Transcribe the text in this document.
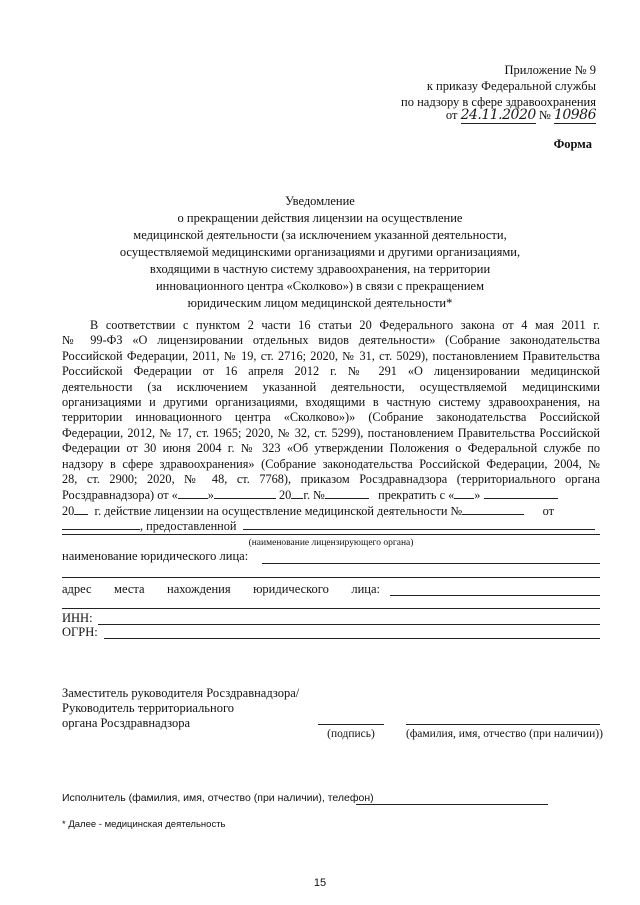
Приложение № 9
к приказу Федеральной службы
по надзору в сфере здравоохранения
от 24.11.2020 № 10986
Форма
Уведомление
о прекращении действия лицензии на осуществление
медицинской деятельности (за исключением указанной деятельности,
осуществляемой медицинскими организациями и другими организациями,
входящими в частную систему здравоохранения, на территории
инновационного центра «Сколково») в связи с прекращением
юридическим лицом медицинской деятельности*
В соответствии с пунктом 2 части 16 статьи 20 Федерального закона от 4 мая 2011 г.
№ 99-ФЗ «О лицензировании отдельных видов деятельности» (Собрание законодательства
Российской Федерации, 2011, № 19, ст. 2716; 2020, № 31, ст. 5029), постановлением Правительства
Российской Федерации от 16 апреля 2012 г. № 291 «О лицензировании медицинской
деятельности (за исключением указанной деятельности, осуществляемой медицинскими
организациями и другими организациями, входящими в частную систему здравоохранения, на
территории инновационного центра «Сколково»)» (Собрание законодательства Российской
Федерации, 2012, № 17, ст. 1965; 2020, № 32, ст. 5299), постановлением Правительства Российской
Федерации от 30 июня 2004 г. № 323 «Об утверждении Положения о Федеральной службе по
надзору в сфере здравоохранения» (Собрание законодательства Российской Федерации, 2004, №
28, ст. 2900; 2020, № 48, ст. 7768), приказом Росздравнадзора (территориального органа
Росздравнадзора) от « »	20 г. №	прекратить с « »
20 г. действие лицензии на осуществление медицинской деятельности №	от
, предоставленной
(наименование лицензирующего органа)
наименование юридического лица:
адрес места нахождения юридического лица:
ИНН:
ОГРН:
Заместитель руководителя Росздравнадзора/
Руководитель территориального
органа Росздравнадзора
(подпись)	(фамилия, имя, отчество (при наличии))
Исполнитель (фамилия, имя, отчество (при наличии), телефон)
* Далее - медицинская деятельность
15
